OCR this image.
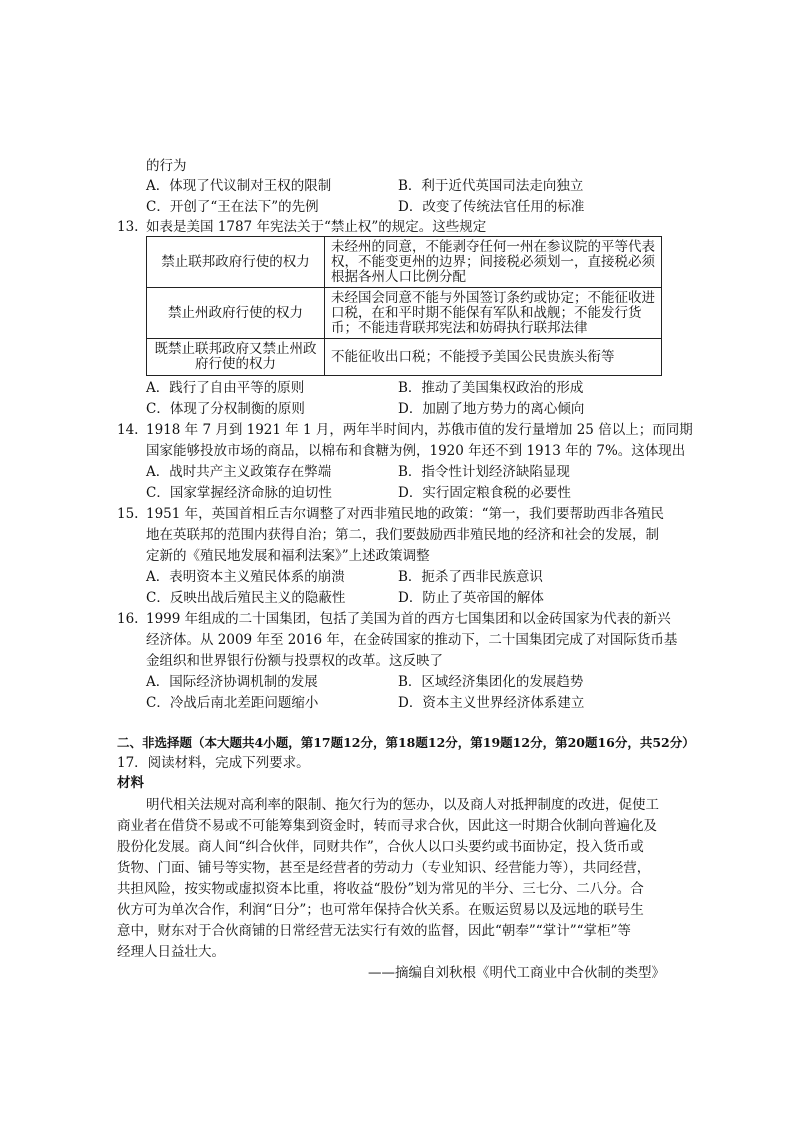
的行为
A．体现了代议制对王权的限制	B．利于近代英国司法走向独立
C．开创了“王在法下”的先例	D．改变了传统法官任用的标准
13. 如表是美国 1787 年宪法关于“禁止权”的规定。这些规定
禁止联邦政府行使的权力	未经州的同意，不能剥夺任何一州在参议院的平等代表权，不能变更州的边界；间接税必须划一，直接税必须根据各州人口比例分配
禁止州政府行使的权力	未经国会同意不能与外国签订条约或协定；不能征收进口税，在和平时期不能保有军队和战舰；不能发行货币；不能违背联邦宪法和妨碍执行联邦法律
既禁止联邦政府又禁止州政府行使的权力	不能征收出口税；不能授予美国公民贵族头衔等
A．践行了自由平等的原则	B．推动了美国集权政治的形成
C．体现了分权制衡的原则	D．加剧了地方势力的离心倾向
14. 1918 年 7 月到 1921 年 1 月，两年半时间内，苏俄市值的发行量增加 25 倍以上；而同期
国家能够投放市场的商品，以棉布和食糖为例，1920 年还不到 1913 年的 7%。这体现出
A．战时共产主义政策存在弊端	B．指令性计划经济缺陷显现
C．国家掌握经济命脉的迫切性	D．实行固定粮食税的必要性
15. 1951 年，英国首相丘吉尔调整了对西非殖民地的政策：“第一，我们要帮助西非各殖民
地在英联邦的范围内获得自治；第二，我们要鼓励西非殖民地的经济和社会的发展，制
定新的《殖民地发展和福利法案》”上述政策调整
A．表明资本主义殖民体系的崩溃	B．扼杀了西非民族意识
C．反映出战后殖民主义的隐蔽性	D．防止了英帝国的解体
16. 1999 年组成的二十国集团，包括了美国为首的西方七国集团和以金砖国家为代表的新兴
经济体。从 2009 年至 2016 年，在金砖国家的推动下，二十国集团完成了对国际货币基
金组织和世界银行份额与投票权的改革。这反映了
A．国际经济协调机制的发展	B．区域经济集团化的发展趋势
C．冷战后南北差距问题缩小	D．资本主义世界经济体系建立
二、非选择题（本大题共4小题，第17题12分，第18题12分，第19题12分，第20题16分，共52分）
17．阅读材料，完成下列要求。
材料
明代相关法规对高利率的限制、拖欠行为的惩办，以及商人对抵押制度的改进，促使工
商业者在借贷不易或不可能筹集到资金时，转而寻求合伙，因此这一时期合伙制向普遍化及
股份化发展。商人间“纠合伙伴，同财共作”，合伙人以口头要约或书面协定，投入货币或
货物、门面、铺号等实物，甚至是经营者的劳动力（专业知识、经营能力等），共同经营，
共担风险，按实物或虚拟资本比重，将收益“股份”划为常见的半分、三七分、二八分。合
伙方可为单次合作，利润“日分”；也可常年保持合伙关系。在贩运贸易以及远地的联号生
意中，财东对于合伙商铺的日常经营无法实行有效的监督，因此“朝奉”“掌计”“掌柜”等
经理人日益壮大。
——摘编自刘秋根《明代工商业中合伙制的类型》
